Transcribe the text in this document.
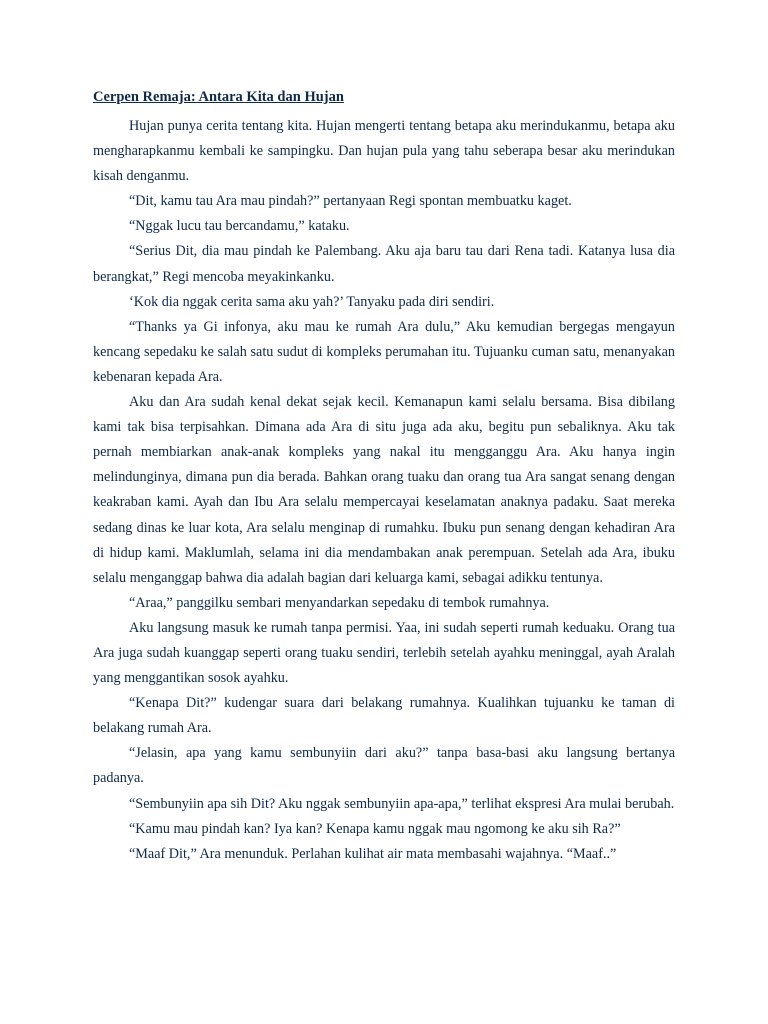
Cerpen Remaja: Antara Kita dan Hujan

Hujan punya cerita tentang kita. Hujan mengerti tentang betapa aku merindukanmu, betapa aku mengharapkanmu kembali ke sampingku. Dan hujan pula yang tahu seberapa besar aku merindukan kisah denganmu.

“Dit, kamu tau Ara mau pindah?” pertanyaan Regi spontan membuatku kaget.

“Nggak lucu tau bercandamu,” kataku.

“Serius Dit, dia mau pindah ke Palembang. Aku aja baru tau dari Rena tadi. Katanya lusa dia berangkat,” Regi mencoba meyakinkanku.

‘Kok dia nggak cerita sama aku yah?’ Tanyaku pada diri sendiri.

“Thanks ya Gi infonya, aku mau ke rumah Ara dulu,” Aku kemudian bergegas mengayun kencang sepedaku ke salah satu sudut di kompleks perumahan itu. Tujuanku cuman satu, menanyakan kebenaran kepada Ara.

Aku dan Ara sudah kenal dekat sejak kecil. Kemanapun kami selalu bersama. Bisa dibilang kami tak bisa terpisahkan. Dimana ada Ara di situ juga ada aku, begitu pun sebaliknya. Aku tak pernah membiarkan anak-anak kompleks yang nakal itu mengganggu Ara. Aku hanya ingin melindunginya, dimana pun dia berada. Bahkan orang tuaku dan orang tua Ara sangat senang dengan keakraban kami. Ayah dan Ibu Ara selalu mempercayai keselamatan anaknya padaku. Saat mereka sedang dinas ke luar kota, Ara selalu menginap di rumahku. Ibuku pun senang dengan kehadiran Ara di hidup kami. Maklumlah, selama ini dia mendambakan anak perempuan. Setelah ada Ara, ibuku selalu menganggap bahwa dia adalah bagian dari keluarga kami, sebagai adikku tentunya.

“Araa,” panggilku sembari menyandarkan sepedaku di tembok rumahnya.

Aku langsung masuk ke rumah tanpa permisi. Yaa, ini sudah seperti rumah keduaku. Orang tua Ara juga sudah kuanggap seperti orang tuaku sendiri, terlebih setelah ayahku meninggal, ayah Aralah yang menggantikan sosok ayahku.

“Kenapa Dit?” kudengar suara dari belakang rumahnya. Kualihkan tujuanku ke taman di belakang rumah Ara.

“Jelasin, apa yang kamu sembunyiin dari aku?” tanpa basa-basi aku langsung bertanya padanya.

“Sembunyiin apa sih Dit? Aku nggak sembunyiin apa-apa,” terlihat ekspresi Ara mulai berubah.

“Kamu mau pindah kan? Iya kan? Kenapa kamu nggak mau ngomong ke aku sih Ra?”

“Maaf Dit,” Ara menunduk. Perlahan kulihat air mata membasahi wajahnya. “Maaf..”
